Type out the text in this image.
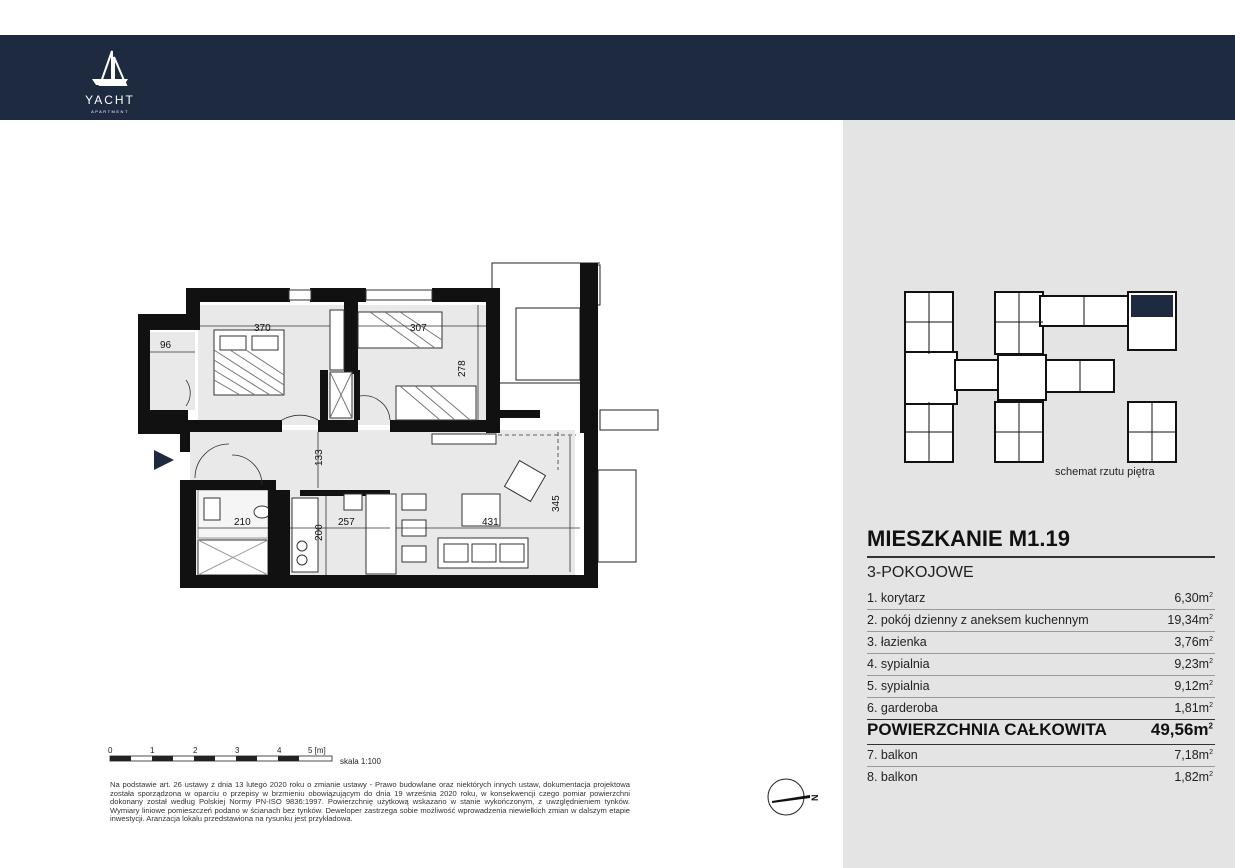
YACHT
APARTMENT
96
370	307
278
133
210	257
200
431
345
0	1	2	3	4	5 [m]
skala 1:100
Na podstawie art. 26 ustawy z dnia 13 lutego 2020 roku o zmianie ustawy - Prawo budowlane oraz niektórych innych ustaw, dokumentacja projektowa została sporządzona w oparciu o przepisy w brzmieniu obowiązującym do dnia 19 września 2020 roku, w konsekwencji czego pomiar powierzchni dokonany został według Polskiej Normy PN-ISO 9836:1997. Powierzchnię użytkową wskazano w stanie wykończonym, z uwzględnieniem tynków. Wymiary liniowe pomieszczeń podano w ścianach bez tynków. Deweloper zastrzega sobie możliwość wprowadzenia niewielkich zmian w dalszym etapie inwestycji. Aranżacja lokalu przedstawiona na rysunku jest przykładowa.
N
schemat rzutu piętra
MIESZKANIE M1.19
3-POKOJOWE
1. korytarz	$6,30m^2$
2. pokój dzienny z aneksem kuchennym	$19,34m^2$
3. łazienka	$3,76m^2$
4. sypialnia	$9,23m^2$
5. sypialnia	$9,12m^2$
6. garderoba	$1,81m^2$
POWIERZCHNIA CAŁKOWITA	$49,56m^2$
7. balkon	$7,18m^2$
8. balkon	$1,82m^2$
